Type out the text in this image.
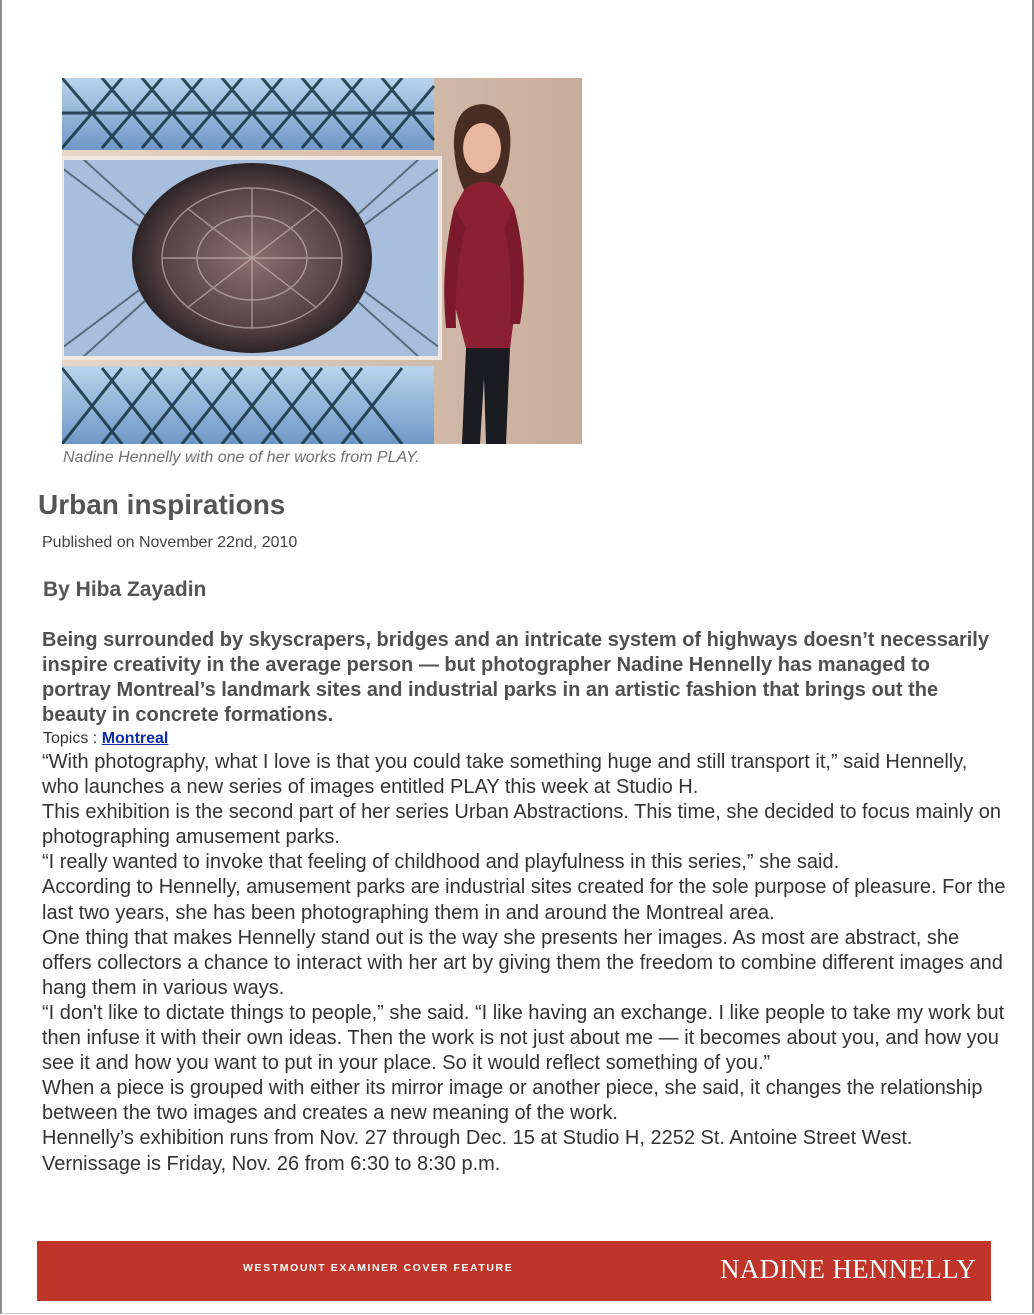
Nadine Hennelly with one of her works from PLAY.
Urban inspirations
Published on November 22nd, 2010
By Hiba Zayadin
Being surrounded by skyscrapers, bridges and an intricate system of highways doesn’t necessarily inspire creativity in the average person — but photographer Nadine Hennelly has managed to portray Montreal’s landmark sites and industrial parks in an artistic fashion that brings out the beauty in concrete formations.
Topics : Montreal

“With photography, what I love is that you could take something huge and still transport it,” said Hennelly, who launches a new series of images entitled PLAY this week at Studio H.

This exhibition is the second part of her series Urban Abstractions. This time, she decided to focus mainly on photographing amusement parks.

“I really wanted to invoke that feeling of childhood and playfulness in this series,” she said.

According to Hennelly, amusement parks are industrial sites created for the sole purpose of pleasure. For the last two years, she has been photographing them in and around the Montreal area.

One thing that makes Hennelly stand out is the way she presents her images. As most are abstract, she offers collectors a chance to interact with her art by giving them the freedom to combine different images and hang them in various ways.

“I don't like to dictate things to people,” she said. “I like having an exchange. I like people to take my work but then infuse it with their own ideas. Then the work is not just about me — it becomes about you, and how you see it and how you want to put in your place. So it would reflect something of you.”

When a piece is grouped with either its mirror image or another piece, she said, it changes the relationship between the two images and creates a new meaning of the work.

Hennelly’s exhibition runs from Nov. 27 through Dec. 15 at Studio H, 2252 St. Antoine Street West. Vernissage is Friday, Nov. 26 from 6:30 to 8:30 p.m.

WESTMOUNT EXAMINER COVER FEATURE	NADINE HENNELLY
